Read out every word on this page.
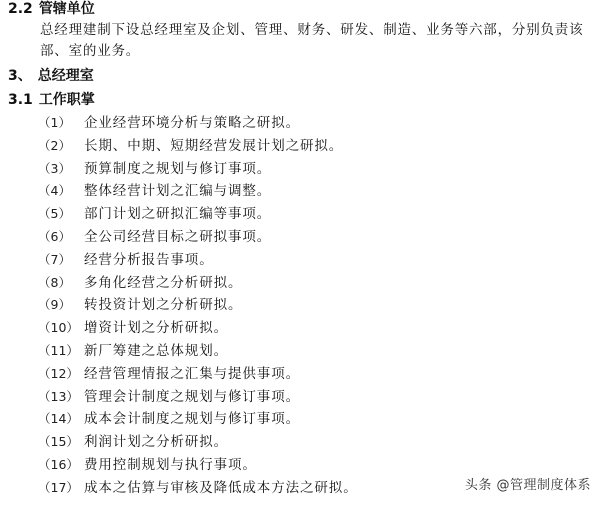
2.2 管辖单位
总经理建制下设总经理室及企划、管理、财务、研发、制造、业务等六部，分别负责该部、室的业务。
3、 总经理室
3.1 工作职掌
（1） 企业经营环境分析与策略之研拟。
（2） 长期、中期、短期经营发展计划之研拟。
（3） 预算制度之规划与修订事项。
（4） 整体经营计划之汇编与调整。
（5） 部门计划之研拟汇编等事项。
（6） 全公司经营目标之研拟事项。
（7） 经营分析报告事项。
（8） 多角化经营之分析研拟。
（9） 转投资计划之分析研拟。
（10） 增资计划之分析研拟。
（11） 新厂筹建之总体规划。
（12） 经营管理情报之汇集与提供事项。
（13） 管理会计制度之规划与修订事项。
（14） 成本会计制度之规划与修订事项。
（15） 利润计划之分析研拟。
（16） 费用控制规划与执行事项。
（17） 成本之估算与审核及降低成本方法之研拟。	头条 @管理制度体系
